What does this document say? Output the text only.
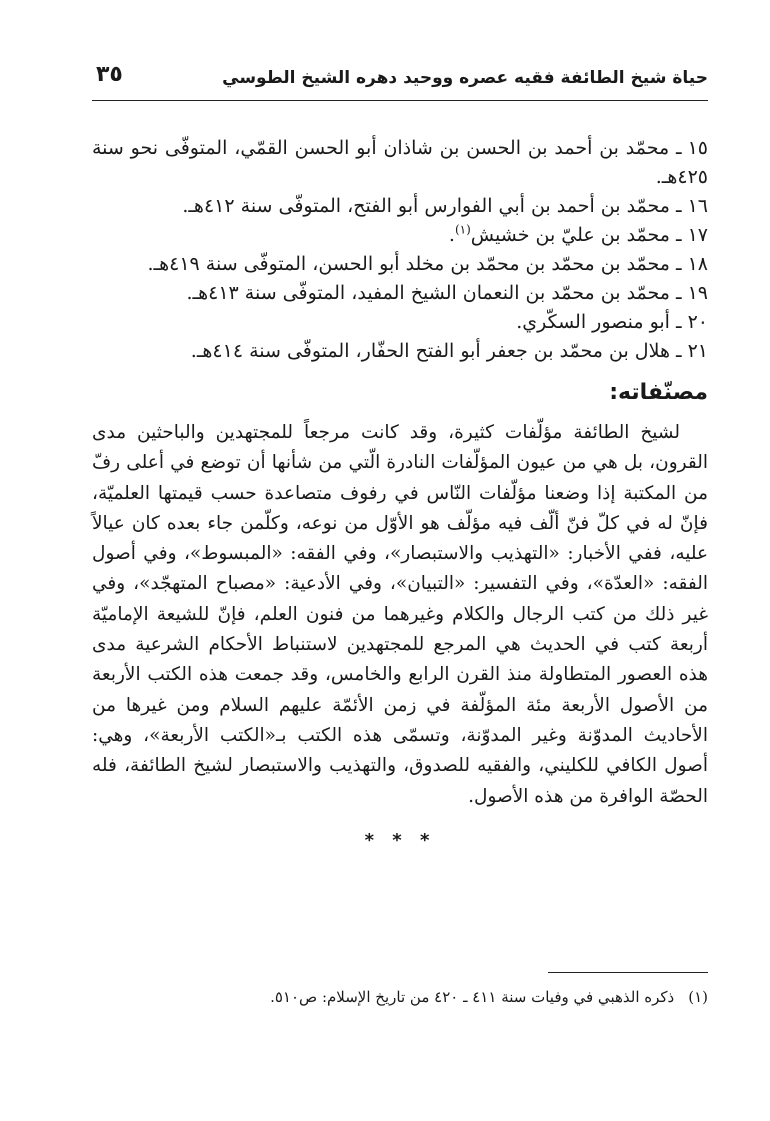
حياة شيخ الطائفة فقيه عصره ووحيد دهره الشيخ الطوسي
٣٥

١٥ـ محمّد بن أحمد بن الحسن بن شاذان أبو الحسن القمّي، المتوفّى نحو سنة ٤٢٥هـ.

١٦ـ محمّد بن أحمد بن أبي الفوارس أبو الفتح، المتوفّى سنة ٤١٢هـ.

١٧ـ محمّد بن عليّ بن خشيش$^{(١)}$.

١٨ـ محمّد بن محمّد بن محمّد بن مخلد أبو الحسن، المتوفّى سنة ٤١٩هـ.

١٩ـ محمّد بن محمّد بن النعمان الشيخ المفيد، المتوفّى سنة ٤١٣هـ.

٢٠ـ أبو منصور السكّري.

٢١ـ هلال بن محمّد بن جعفر أبو الفتح الحفّار، المتوفّى سنة ٤١٤هـ.

مصنّفاته:

لشيخ الطائفة مؤلّفات كثيرة، وقد كانت مرجعاً للمجتهدين والباحثين مدى القرون، بل هي من عيون المؤلّفات النادرة الّتي من شأنها أن توضع في أعلى رفّ من المكتبة إذا وضعنا مؤلّفات النّاس في رفوف متصاعدة حسب قيمتها العلميّة، فإنّ له في كلّ فنّ ألّف فيه مؤلّف هو الأوّل من نوعه، وكلّمن جاء بعده كان عيالاً عليه، ففي الأخبار: «التهذيب والاستبصار»، وفي الفقه: «المبسوط»، وفي أصول الفقه: «العدّة»، وفي التفسير: «التبيان»، وفي الأدعية: «مصباح المتهجّد»، وفي غير ذلك من كتب الرجال والكلام وغيرهما من فنون العلم، فإنّ للشيعة الإماميّة أربعة كتب في الحديث هي المرجع للمجتهدين لاستنباط الأحكام الشرعية مدى هذه العصور المتطاولة منذ القرن الرابع والخامس، وقد جمعت هذه الكتب الأربعة من الأصول الأربعة مئة المؤلّفة في زمن الأئمّة عليهم السلام ومن غيرها من الأحاديث المدوّنة وغير المدوّنة، وتسمّى هذه الكتب بـ«الكتب الأربعة»، وهي: أصول الكافي للكليني، والفقيه للصدوق، والتهذيب والاستبصار لشيخ الطائفة، فله الحصّة الوافرة من هذه الأصول.

* * *
(١)ذكره الذهبي في وفيات سنة ٤١١ ـ ٤٢٠ من تاريخ الإسلام: ص٥١٠.
